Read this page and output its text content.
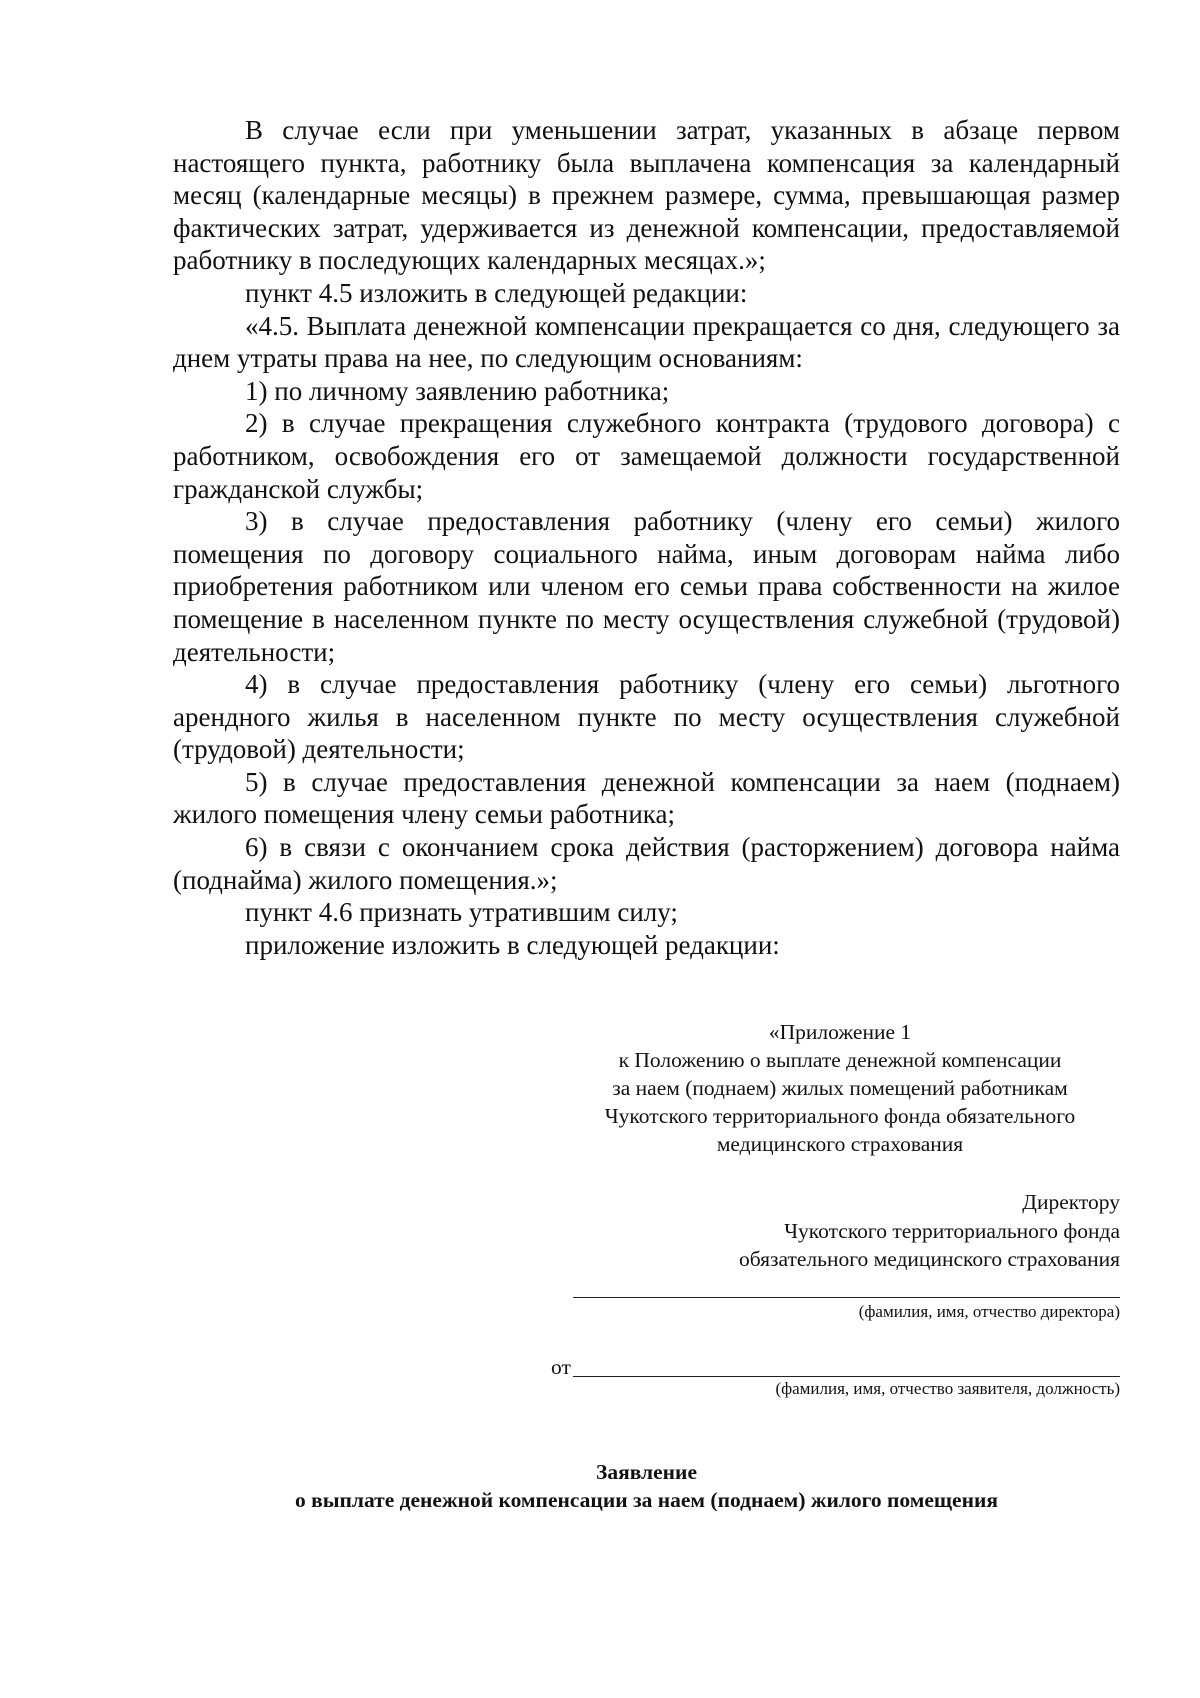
В случае если при уменьшении затрат, указанных в абзаце первом настоящего пункта, работнику была выплачена компенсация за календарный месяц (календарные месяцы) в прежнем размере, сумма, превышающая размер фактических затрат, удерживается из денежной компенсации, предоставляемой работнику в последующих календарных месяцах.»;

пункт 4.5 изложить в следующей редакции:

«4.5. Выплата денежной компенсации прекращается со дня, следующего за днем утраты права на нее, по следующим основаниям:

1) по личному заявлению работника;

2) в случае прекращения служебного контракта (трудового договора) с работником, освобождения его от замещаемой должности государственной гражданской службы;

3) в случае предоставления работнику (члену его семьи) жилого помещения по договору социального найма, иным договорам найма либо приобретения работником или членом его семьи права собственности на жилое помещение в населенном пункте по месту осуществления служебной (трудовой) деятельности;

4) в случае предоставления работнику (члену его семьи) льготного арендного жилья в населенном пункте по месту осуществления служебной (трудовой) деятельности;

5) в случае предоставления денежной компенсации за наем (поднаем) жилого помещения члену семьи работника;

6) в связи с окончанием срока действия (расторжением) договора найма (поднайма) жилого помещения.»;

пункт 4.6 признать утратившим силу;

приложение изложить в следующей редакции:

«Приложение 1
к Положению о выплате денежной компенсации
за наем (поднаем) жилых помещений работникам
Чукотского территориального фонда обязательного
медицинского страхования
Директору
Чукотского территориального фонда
обязательного медицинского страхования
(фамилия, имя, отчество директора)
от
(фамилия, имя, отчество заявителя, должность)
Заявление
о выплате денежной компенсации за наем (поднаем) жилого помещения
